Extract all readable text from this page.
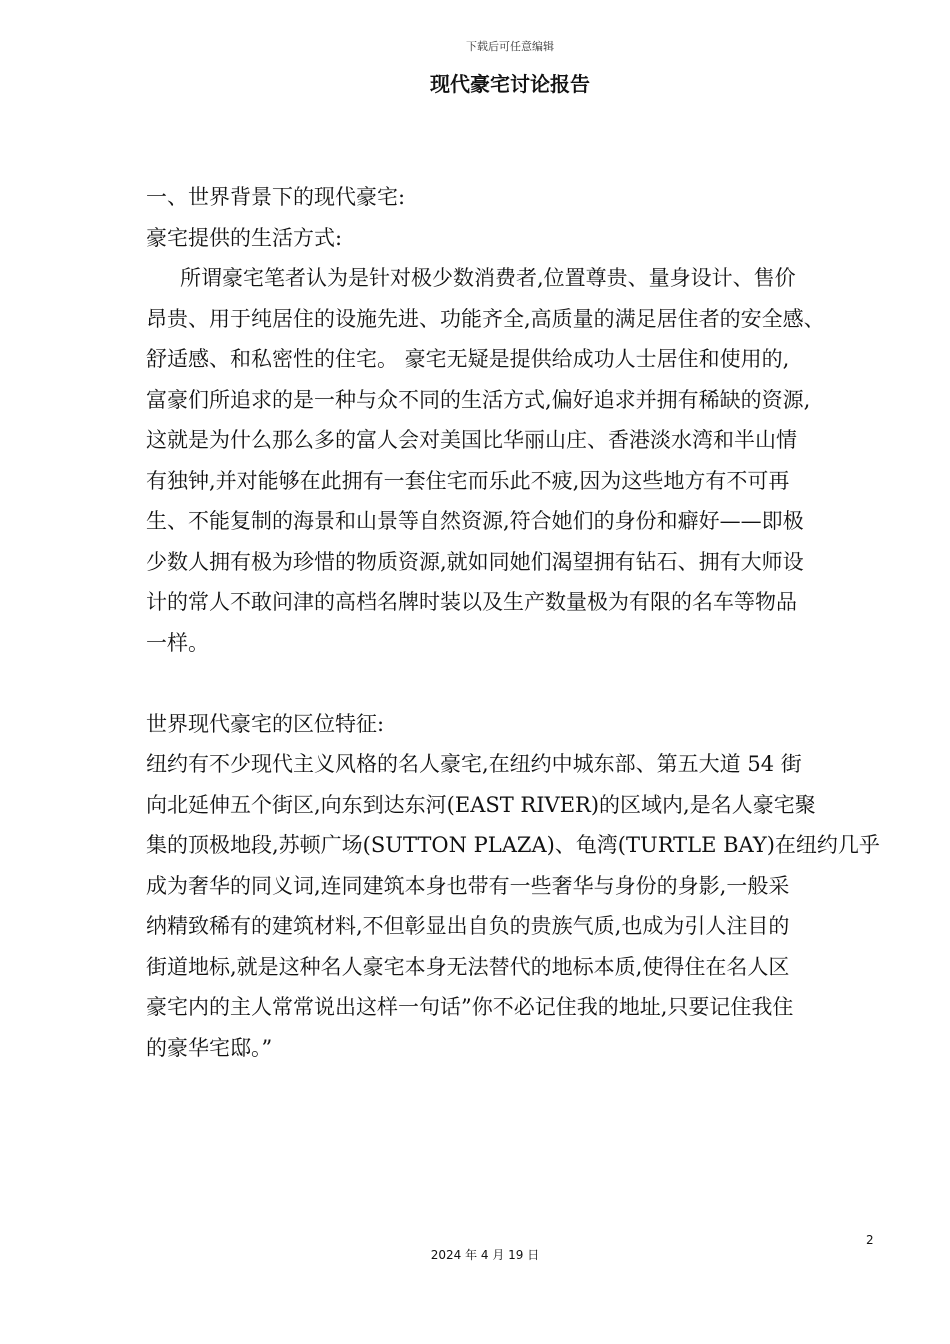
下载后可任意编辑
现代豪宅讨论报告
一、世界背景下的现代豪宅:
豪宅提供的生活方式:
所谓豪宅笔者认为是针对极少数消费者,位置尊贵、量身设计、售价
昂贵、用于纯居住的设施先进、功能齐全,高质量的满足居住者的安全感、
舒适感、和私密性的住宅。 豪宅无疑是提供给成功人士居住和使用的,
富豪们所追求的是一种与众不同的生活方式,偏好追求并拥有稀缺的资源,
这就是为什么那么多的富人会对美国比华丽山庄、香港淡水湾和半山情
有独钟,并对能够在此拥有一套住宅而乐此不疲,因为这些地方有不可再
生、不能复制的海景和山景等自然资源,符合她们的身份和癖好——即极
少数人拥有极为珍惜的物质资源,就如同她们渴望拥有钻石、拥有大师设
计的常人不敢问津的高档名牌时装以及生产数量极为有限的名车等物品
一样。
世界现代豪宅的区位特征:
纽约有不少现代主义风格的名人豪宅,在纽约中城东部、第五大道 54 街
向北延伸五个街区,向东到达东河(EAST RIVER)的区域内,是名人豪宅聚
集的顶极地段,苏顿广场(SUTTON PLAZA)、龟湾(TURTLE BAY)在纽约几乎
成为奢华的同义词,连同建筑本身也带有一些奢华与身份的身影,一般采
纳精致稀有的建筑材料,不但彰显出自负的贵族气质,也成为引人注目的
街道地标,就是这种名人豪宅本身无法替代的地标本质,使得住在名人区
豪宅内的主人常常说出这样一句话”你不必记住我的地址,只要记住我住
的豪华宅邸。”
2
2024 年 4 月 19 日
